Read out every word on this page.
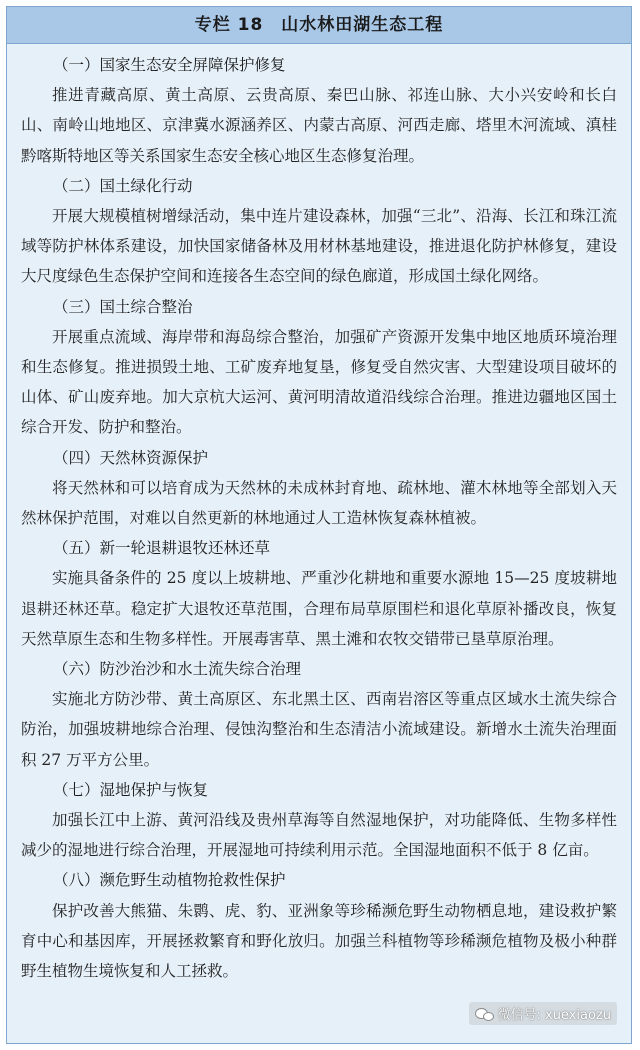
专栏 18　山水林田湖生态工程

（一）国家生态安全屏障保护修复

推进青藏高原、黄土高原、云贵高原、秦巴山脉、祁连山脉、大小兴安岭和长白山、南岭山地地区、京津冀水源涵养区、内蒙古高原、河西走廊、塔里木河流域、滇桂黔喀斯特地区等关系国家生态安全核心地区生态修复治理。

（二）国土绿化行动

开展大规模植树增绿活动，集中连片建设森林，加强“三北”、沿海、长江和珠江流域等防护林体系建设，加快国家储备林及用材林基地建设，推进退化防护林修复，建设大尺度绿色生态保护空间和连接各生态空间的绿色廊道，形成国土绿化网络。

（三）国土综合整治

开展重点流域、海岸带和海岛综合整治，加强矿产资源开发集中地区地质环境治理和生态修复。推进损毁土地、工矿废弃地复垦，修复受自然灾害、大型建设项目破坏的山体、矿山废弃地。加大京杭大运河、黄河明清故道沿线综合治理。推进边疆地区国土综合开发、防护和整治。

（四）天然林资源保护

将天然林和可以培育成为天然林的未成林封育地、疏林地、灌木林地等全部划入天然林保护范围，对难以自然更新的林地通过人工造林恢复森林植被。

（五）新一轮退耕退牧还林还草

实施具备条件的 25 度以上坡耕地、严重沙化耕地和重要水源地 15—25 度坡耕地退耕还林还草。稳定扩大退牧还草范围，合理布局草原围栏和退化草原补播改良，恢复天然草原生态和生物多样性。开展毒害草、黑土滩和农牧交错带已垦草原治理。

（六）防沙治沙和水土流失综合治理

实施北方防沙带、黄土高原区、东北黑土区、西南岩溶区等重点区域水土流失综合防治，加强坡耕地综合治理、侵蚀沟整治和生态清洁小流域建设。新增水土流失治理面积 27 万平方公里。

（七）湿地保护与恢复

加强长江中上游、黄河沿线及贵州草海等自然湿地保护，对功能降低、生物多样性减少的湿地进行综合治理，开展湿地可持续利用示范。全国湿地面积不低于 8 亿亩。

（八）濒危野生动植物抢救性保护

保护改善大熊猫、朱鹮、虎、豹、亚洲象等珍稀濒危野生动物栖息地，建设救护繁育中心和基因库，开展拯救繁育和野化放归。加强兰科植物等珍稀濒危植物及极小种群野生植物生境恢复和人工拯救。

微信号: xuexiaozu
